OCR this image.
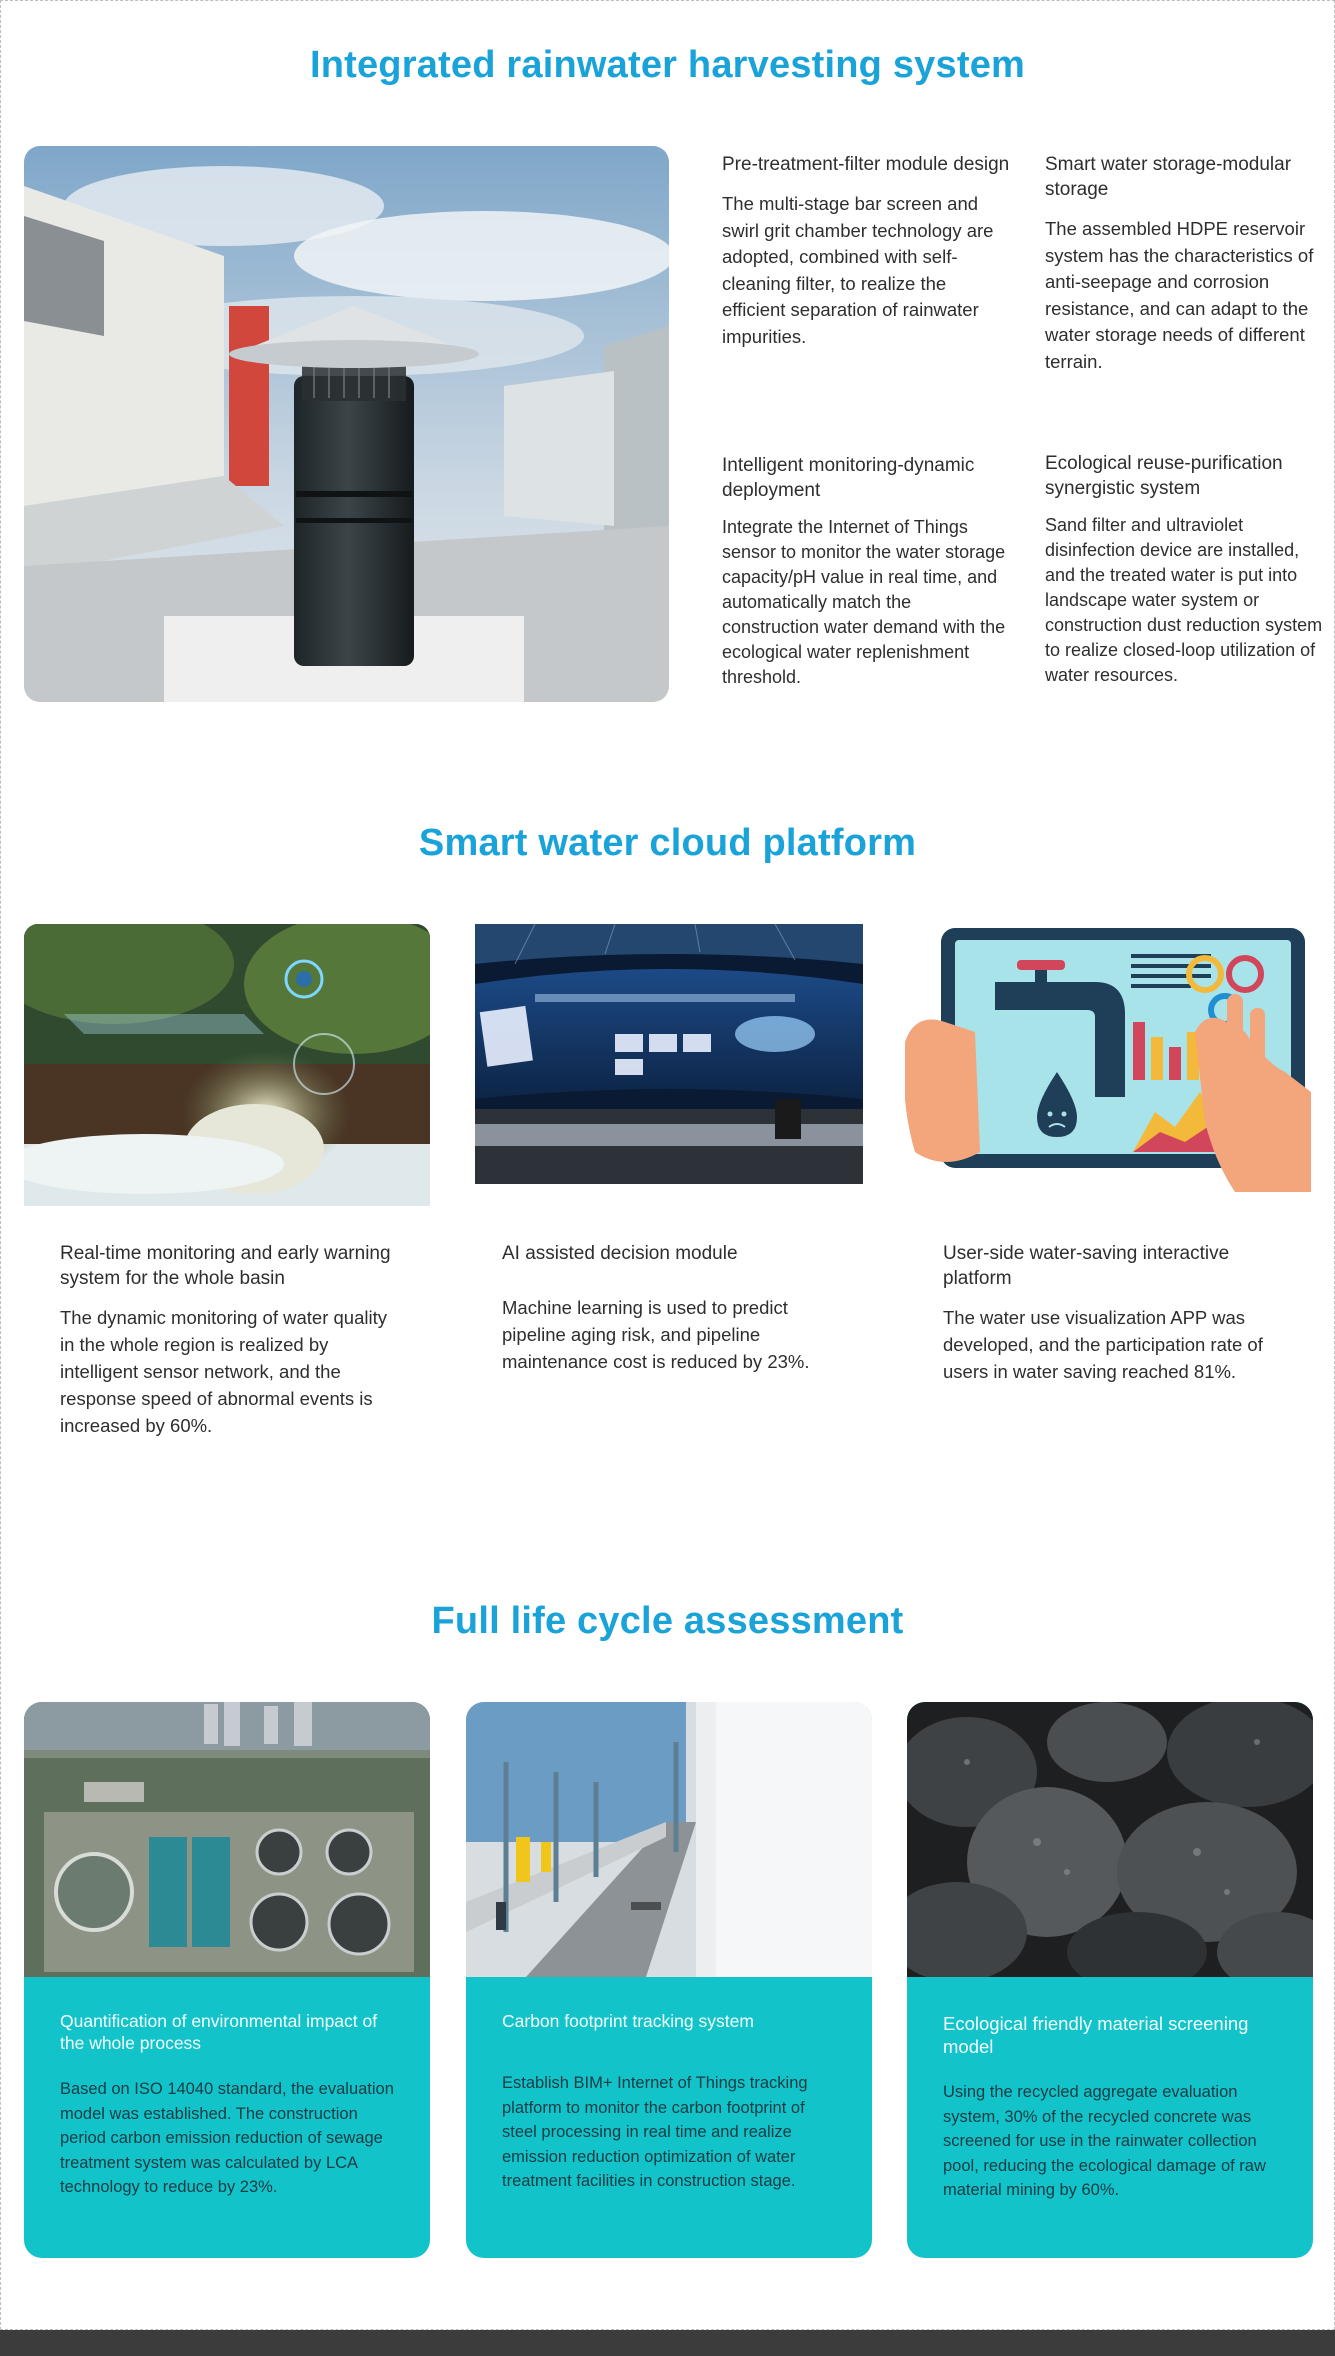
Integrated rainwater harvesting system
Pre-treatment-filter module design
The multi-stage bar screen and swirl grit chamber technology are adopted, combined with self-cleaning filter, to realize the efficient separation of rainwater impurities.
Smart water storage-modular storage
The assembled HDPE reservoir system has the characteristics of anti-seepage and corrosion resistance, and can adapt to the water storage needs of different terrain.
Intelligent monitoring-dynamic deployment
Integrate the Internet of Things sensor to monitor the water storage capacity/pH value in real time, and automatically match the construction water demand with the ecological water replenishment threshold.
Ecological reuse-purification synergistic system
Sand filter and ultraviolet disinfection device are installed, and the treated water is put into landscape water system or construction dust reduction system to realize closed-loop utilization of water resources.
Smart water cloud platform
Real-time monitoring and early warning system for the whole basin
The dynamic monitoring of water quality in the whole region is realized by intelligent sensor network, and the response speed of abnormal events is increased by 60%.
AI assisted decision module
Machine learning is used to predict pipeline aging risk, and pipeline maintenance cost is reduced by 23%.
User-side water-saving interactive platform
The water use visualization APP was developed, and the participation rate of users in water saving reached 81%.
Full life cycle assessment
Quantification of environmental impact of the whole process
Based on ISO 14040 standard, the evaluation model was established. The construction period carbon emission reduction of sewage treatment system was calculated by LCA technology to reduce by 23%.
Carbon footprint tracking system
Establish BIM+ Internet of Things tracking platform to monitor the carbon footprint of steel processing in real time and realize emission reduction optimization of water treatment facilities in construction stage.
Ecological friendly material screening model
Using the recycled aggregate evaluation system, 30% of the recycled concrete was screened for use in the rainwater collection pool, reducing the ecological damage of raw material mining by 60%.
